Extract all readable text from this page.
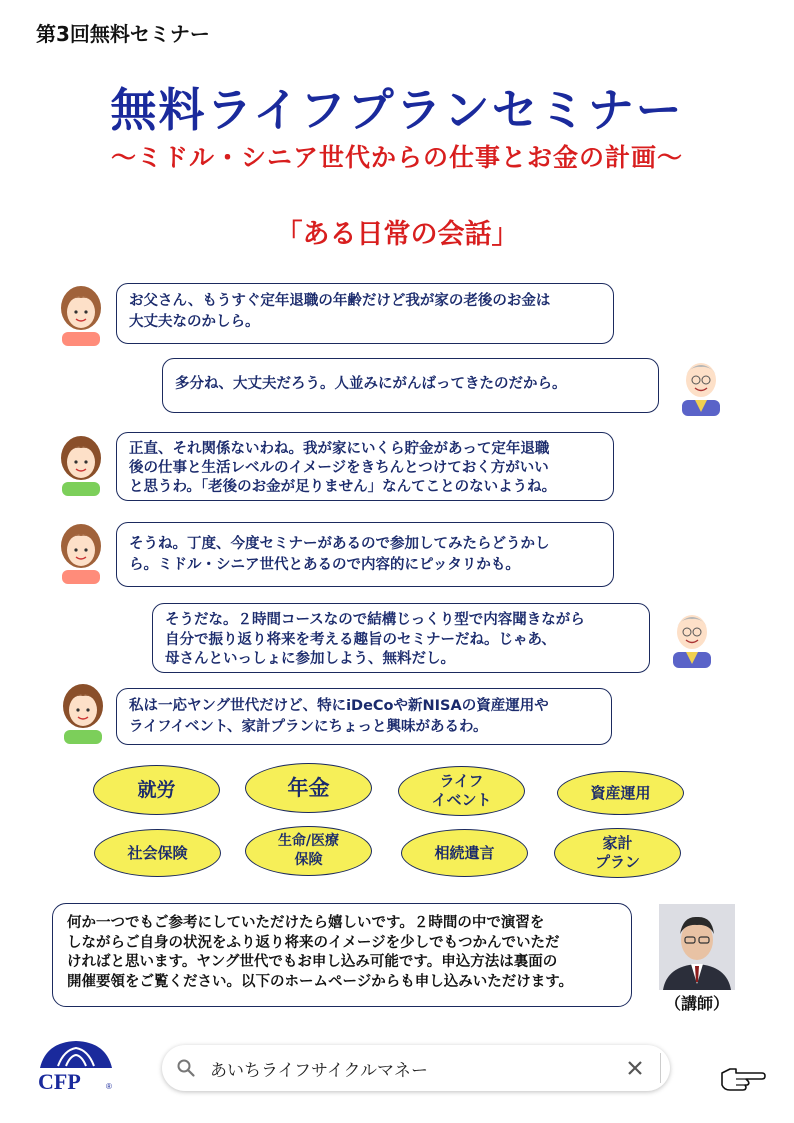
第3回無料セミナー
無料ライフプランセミナー
～ミドル・シニア世代からの仕事とお金の計画～
「ある日常の会話」
お父さん、もうすぐ定年退職の年齢だけど我が家の老後のお金は
大丈夫なのかしら。
多分ね、大丈夫だろう。人並みにがんばってきたのだから。
正直、それ関係ないわね。我が家にいくら貯金があって定年退職
後の仕事と生活レベルのイメージをきちんとつけておく方がいい
と思うわ。「老後のお金が足りません」なんてことのないようね。
そうね。丁度、今度セミナーがあるので参加してみたらどうかし
ら。ミドル・シニア世代とあるので内容的にピッタリかも。
そうだな。２時間コースなので結構じっくり型で内容聞きながら
自分で振り返り将来を考える趣旨のセミナーだね。じゃあ、
母さんといっしょに参加しよう、無料だし。
私は一応ヤング世代だけど、特にiDeCoや新NISAの資産運用や
ライフイベント、家計プランにちょっと興味があるわ。
就労	年金	ライフ
イベント	資産運用
社会保険
生命/医療
保険	相続遺言
家計
プラン
何か一つでもご参考にしていただけたら嬉しいです。２時間の中で演習を
しながらご自身の状況をふり返り将来のイメージを少しでもつかんでいただ
ければと思います。ヤング世代でもお申し込み可能です。申込方法は裏面の
開催要領をご覧ください。以下のホームページからも申し込みいただけます。
（講師）
CFP	®
あいちライフサイクルマネー
